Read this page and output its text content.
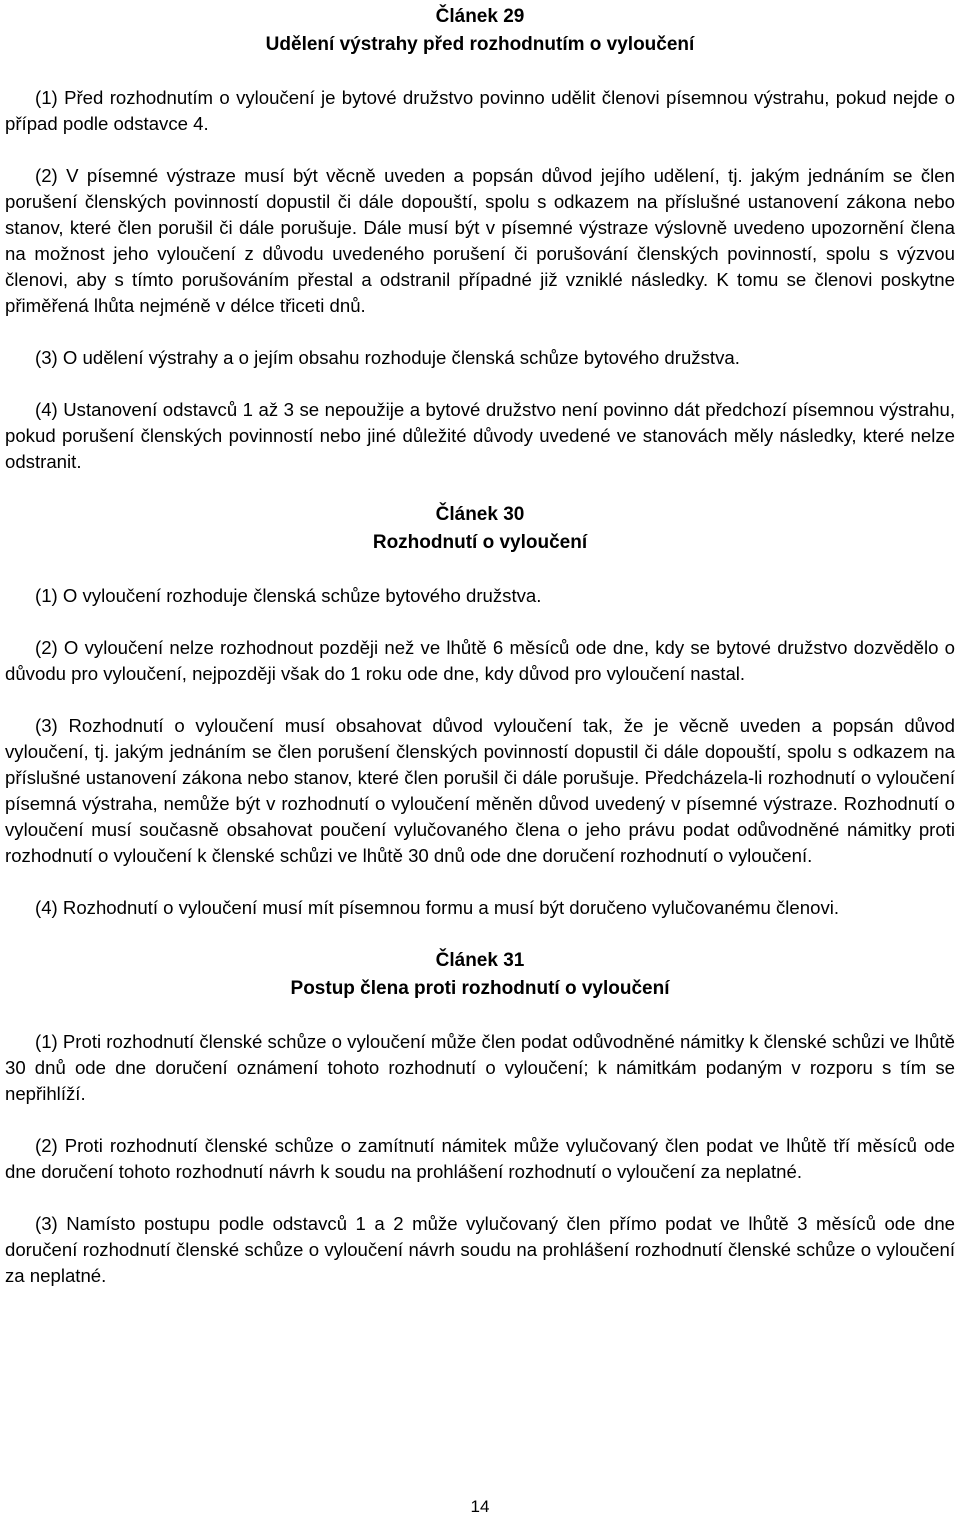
Článek 29
Udělení výstrahy před rozhodnutím o vyloučení

(1) Před rozhodnutím o vyloučení je bytové družstvo povinno udělit členovi písemnou výstrahu, pokud nejde o případ podle odstavce 4.

(2) V písemné výstraze musí být věcně uveden a popsán důvod jejího udělení, tj. jakým jednáním se člen porušení členských povinností dopustil či dále dopouští, spolu s odkazem na příslušné ustanovení zákona nebo stanov, které člen porušil či dále porušuje. Dále musí být v písemné výstraze výslovně uvedeno upozornění člena na možnost jeho vyloučení z důvodu uvedeného porušení či porušování členských povinností, spolu s výzvou členovi, aby s tímto porušováním přestal a odstranil případné již vzniklé následky. K tomu se členovi poskytne přiměřená lhůta nejméně v délce třiceti dnů.

(3) O udělení výstrahy a o jejím obsahu rozhoduje členská schůze bytového družstva.

(4) Ustanovení odstavců 1 až 3 se nepoužije a bytové družstvo není povinno dát předchozí písemnou výstrahu, pokud porušení členských povinností nebo jiné důležité důvody uvedené ve stanovách měly následky, které nelze odstranit.

Článek 30
Rozhodnutí o vyloučení

(1) O vyloučení rozhoduje členská schůze bytového družstva.

(2) O vyloučení nelze rozhodnout později než ve lhůtě 6 měsíců ode dne, kdy se bytové družstvo dozvědělo o důvodu pro vyloučení, nejpozději však do 1 roku ode dne, kdy důvod pro vyloučení nastal.

(3) Rozhodnutí o vyloučení musí obsahovat důvod vyloučení tak, že je věcně uveden a popsán důvod vyloučení, tj. jakým jednáním se člen porušení členských povinností dopustil či dále dopouští, spolu s odkazem na příslušné ustanovení zákona nebo stanov, které člen porušil či dále porušuje. Předcházela-li rozhodnutí o vyloučení písemná výstraha, nemůže být v rozhodnutí o vyloučení měněn důvod uvedený v písemné výstraze. Rozhodnutí o vyloučení musí současně obsahovat poučení vylučovaného člena o jeho právu podat odůvodněné námitky proti rozhodnutí o vyloučení k členské schůzi ve lhůtě 30 dnů ode dne doručení rozhodnutí o vyloučení.

(4) Rozhodnutí o vyloučení musí mít písemnou formu a musí být doručeno vylučovanému členovi.

Článek 31
Postup člena proti rozhodnutí o vyloučení

(1) Proti rozhodnutí členské schůze o vyloučení může člen podat odůvodněné námitky k členské schůzi ve lhůtě 30 dnů ode dne doručení oznámení tohoto rozhodnutí o vyloučení; k námitkám podaným v rozporu s tím se nepřihlíží.

(2) Proti rozhodnutí členské schůze o zamítnutí námitek může vylučovaný člen podat ve lhůtě tří měsíců ode dne doručení tohoto rozhodnutí návrh k soudu na prohlášení rozhodnutí o vyloučení za neplatné.

(3) Namísto postupu podle odstavců 1 a 2 může vylučovaný člen přímo podat ve lhůtě 3 měsíců ode dne doručení rozhodnutí členské schůze o vyloučení návrh soudu na prohlášení rozhodnutí členské schůze o vyloučení za neplatné.

14
